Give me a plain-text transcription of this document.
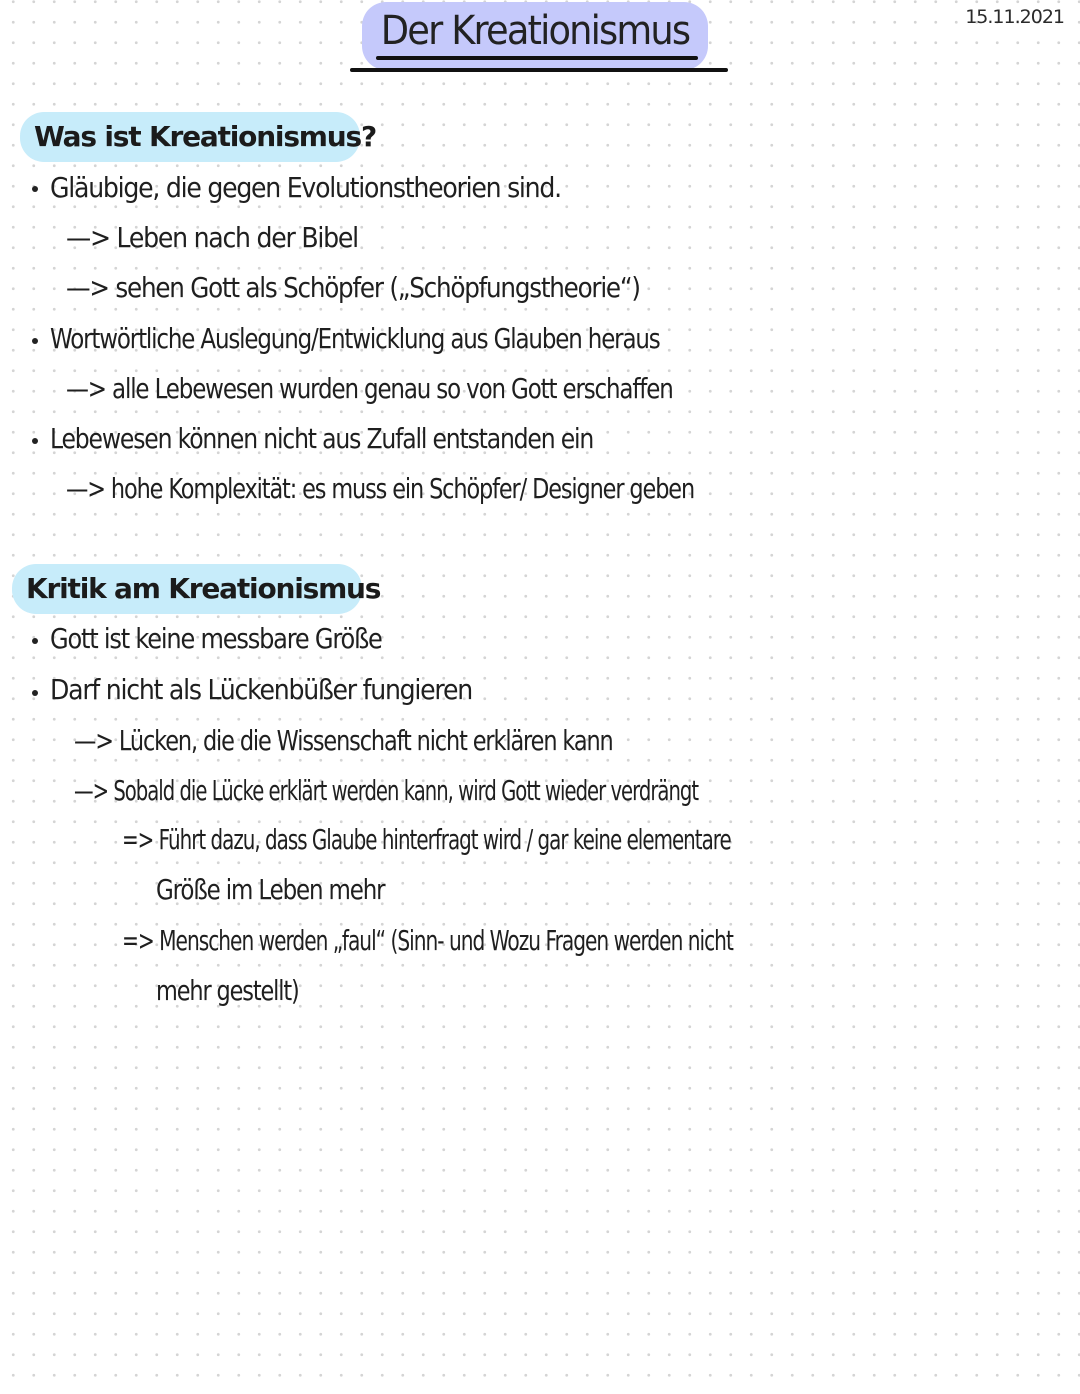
15.11.2021
Der Kreationismus
Was ist Kreationismus?
Gläubige, die gegen Evolutionstheorien sind.
—> Leben nach der Bibel
—> sehen Gott als Schöpfer („Schöpfungstheorie“)
Wortwörtliche Auslegung/Entwicklung aus Glauben heraus
—> alle Lebewesen wurden genau so von Gott erschaffen
Lebewesen können nicht aus Zufall entstanden ein
—> hohe Komplexität: es muss ein Schöpfer/ Designer geben
Kritik am Kreationismus
Gott ist keine messbare Größe
Darf nicht als Lückenbüßer fungieren
—> Lücken, die die Wissenschaft nicht erklären kann
—> Sobald die Lücke erklärt werden kann, wird Gott wieder verdrängt
=> Führt dazu, dass Glaube hinterfragt wird / gar keine elementare
Größe im Leben mehr
=> Menschen werden „faul“ (Sinn- und Wozu Fragen werden nicht
mehr gestellt)
